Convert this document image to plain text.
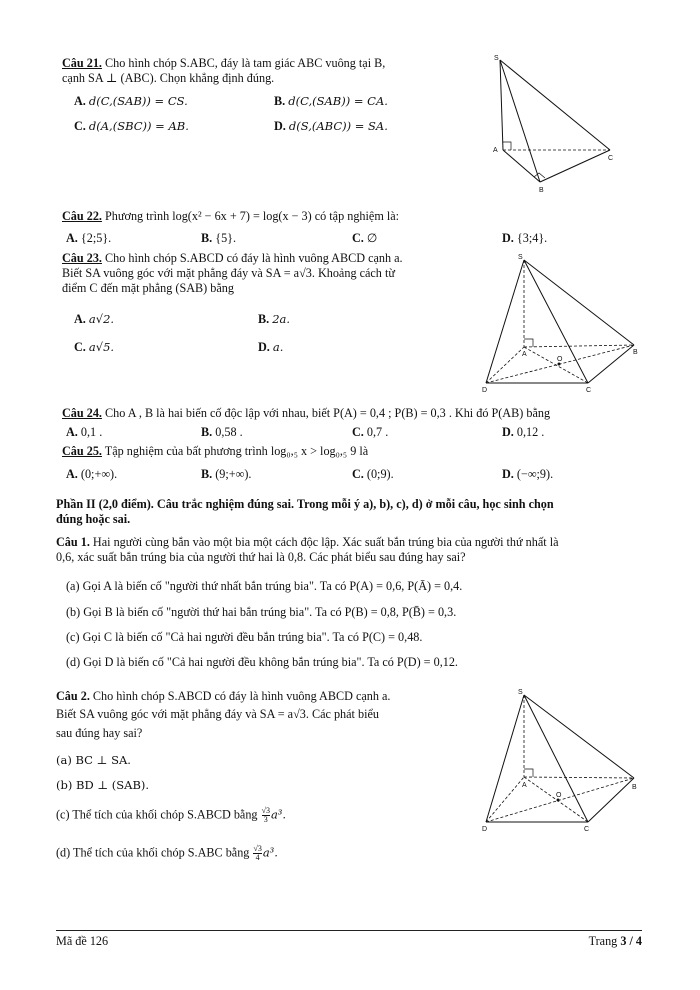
Câu 21. Cho hình chóp S.ABC, đáy là tam giác ABC vuông tại B,
cạnh SA ⊥ (ABC). Chọn khẳng định đúng.
A. d(C,(SAB)) = CS.	B. d(C,(SAB)) = CA.
C. d(A,(SBC)) = AB.	D. d(S,(ABC)) = SA.
S
A
B
C
Câu 22. Phương trình log(x² − 6x + 7) = log(x − 3) có tập nghiệm là:
A. {2;5}.	B. {5}.	C. ∅	D. {3;4}.
Câu 23. Cho hình chóp S.ABCD có đáy là hình vuông ABCD cạnh a.
Biết SA vuông góc với mặt phẳng đáy và SA = a√3. Khoảng cách từ
điểm C đến mặt phẳng (SAB) bằng
A. a√2.	B. 2a.
C. a√5.	D. a.
S
A	B
C
D
O
Câu 24. Cho A , B là hai biến cố độc lập với nhau, biết P(A) = 0,4 ; P(B) = 0,3 . Khi đó P(AB) bằng
A. 0,1 .	B. 0,58 .	C. 0,7 .	D. 0,12 .
Câu 25. Tập nghiệm của bất phương trình log₀,₅ x > log₀,₅ 9 là
A. (0;+∞).	B. (9;+∞).	C. (0;9).	D. (−∞;9).
Phần II (2,0 điểm). Câu trắc nghiệm đúng sai. Trong mỗi ý a), b), c), d) ở mỗi câu, học sinh chọn
đúng hoặc sai.
Câu 1. Hai người cùng bắn vào một bia một cách độc lập. Xác suất bắn trúng bia của người thứ nhất là
0,6, xác suất bắn trúng bia của người thứ hai là 0,8. Các phát biểu sau đúng hay sai?
(a) Gọi A là biến cố "người thứ nhất bắn trúng bia". Ta có P(A) = 0,6, P(Ā) = 0,4.
(b) Gọi B là biến cố "người thứ hai bắn trúng bia". Ta có P(B) = 0,8, P(B̄) = 0,3.
(c) Gọi C là biến cố "Cả hai người đều bắn trúng bia". Ta có P(C) = 0,48.
(d) Gọi D là biến cố "Cả hai người đều không bắn trúng bia". Ta có P(D) = 0,12.
Câu 2. Cho hình chóp S.ABCD có đáy là hình vuông ABCD cạnh a.
Biết SA vuông góc với mặt phẳng đáy và SA = a√3. Các phát biểu
sau đúng hay sai?
(a) BC ⊥ SA.
(b) BD ⊥ (SAB).
(c) Thể tích của khối chóp S.ABCD bằng $\frac{√3}{3} a^3$.
(d) Thể tích của khối chóp S.ABC bằng $\frac{√3}{4} a^3$.
S
A	B
C
D
O
Mã đề 126	Trang 3 / 4
